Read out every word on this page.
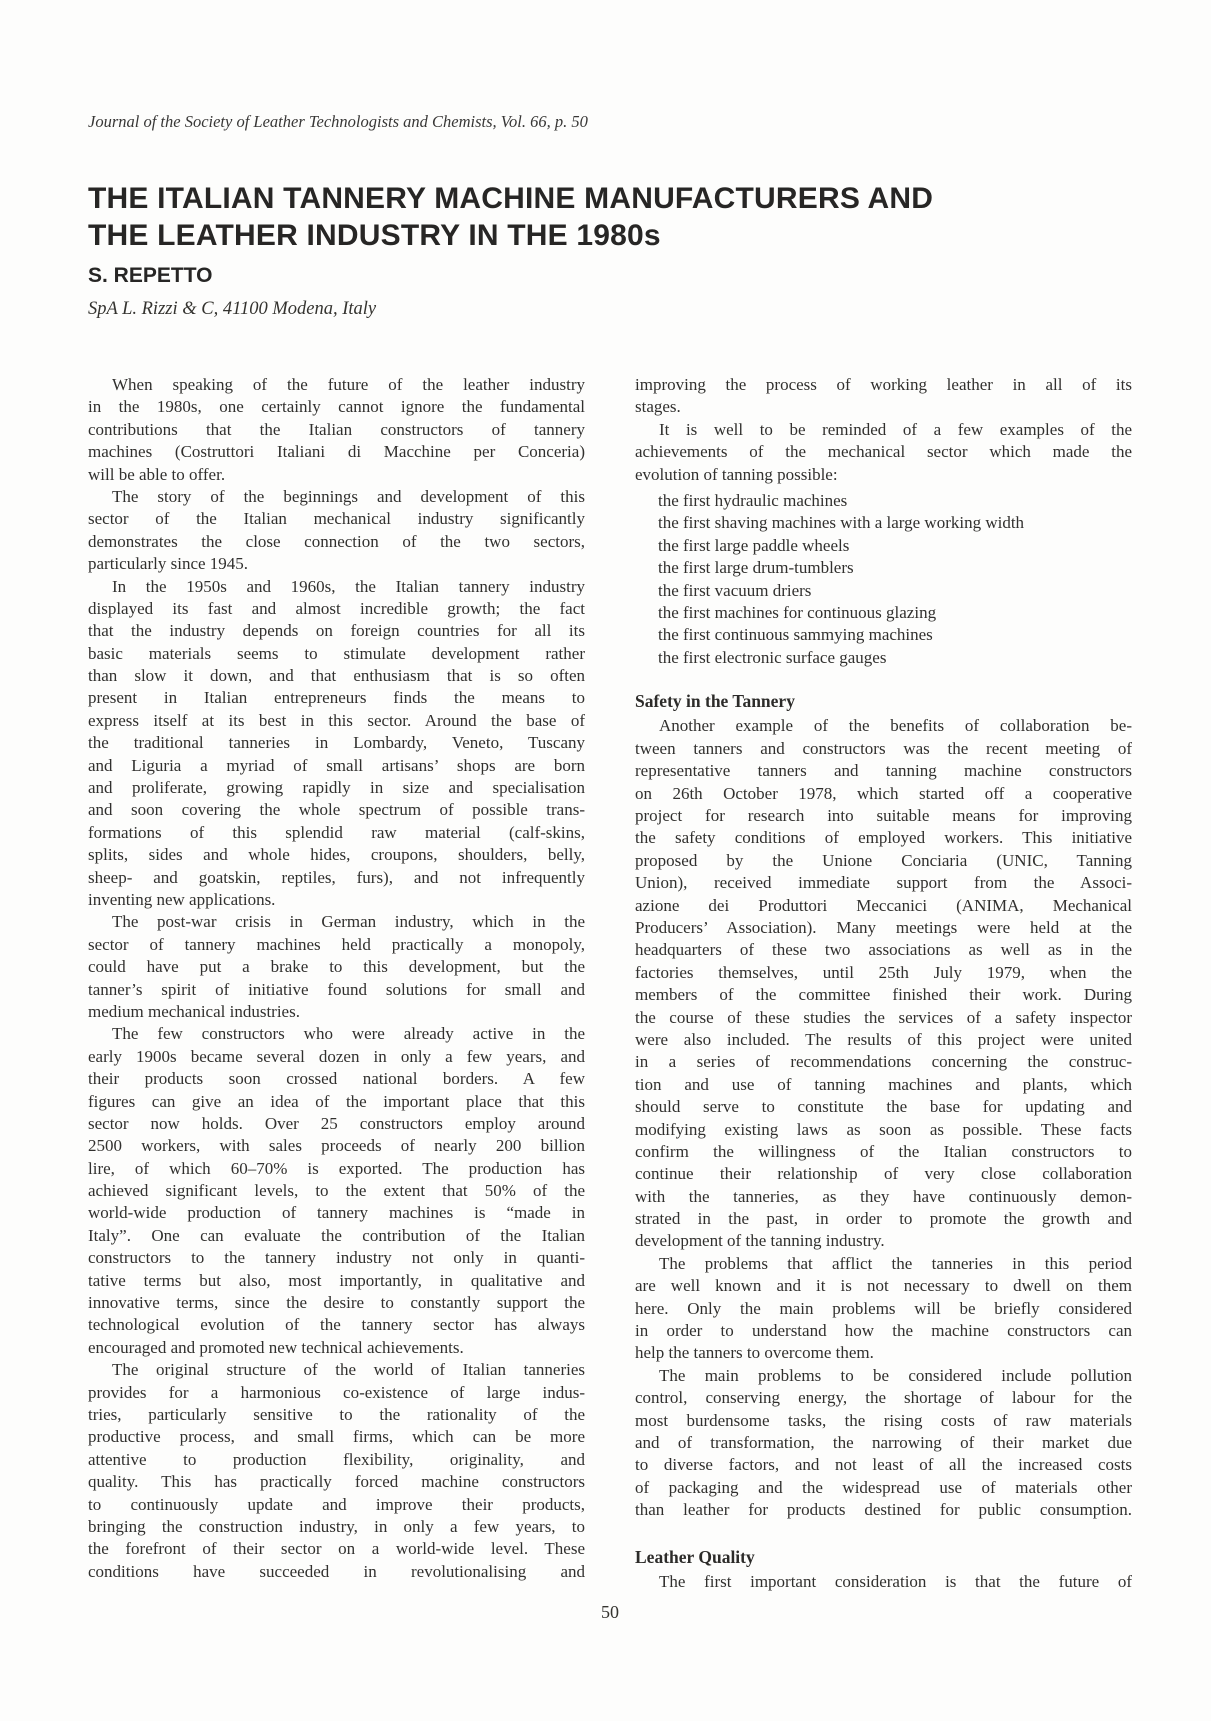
Journal of the Society of Leather Technologists and Chemists, Vol. 66, p. 50
THE ITALIAN TANNERY MACHINE MANUFACTURERS AND
THE LEATHER INDUSTRY IN THE 1980s
S. REPETTO
SpA L. Rizzi & C, 41100 Modena, Italy
When speaking of the future of the leather industry
in the 1980s, one certainly cannot ignore the fundamental
contributions that the Italian constructors of tannery
machines (Costruttori Italiani di Macchine per Conceria)
will be able to offer.
The story of the beginnings and development of this
sector of the Italian mechanical industry significantly
demonstrates the close connection of the two sectors,
particularly since 1945.
In the 1950s and 1960s, the Italian tannery industry
displayed its fast and almost incredible growth; the fact
that the industry depends on foreign countries for all its
basic materials seems to stimulate development rather
than slow it down, and that enthusiasm that is so often
present in Italian entrepreneurs finds the means to
express itself at its best in this sector. Around the base of
the traditional tanneries in Lombardy, Veneto, Tuscany
and Liguria a myriad of small artisans’ shops are born
and proliferate, growing rapidly in size and specialisation
and soon covering the whole spectrum of possible trans-
formations of this splendid raw material (calf-skins,
splits, sides and whole hides, croupons, shoulders, belly,
sheep- and goatskin, reptiles, furs), and not infrequently
inventing new applications.
The post-war crisis in German industry, which in the
sector of tannery machines held practically a monopoly,
could have put a brake to this development, but the
tanner’s spirit of initiative found solutions for small and
medium mechanical industries.
The few constructors who were already active in the
early 1900s became several dozen in only a few years, and
their products soon crossed national borders. A few
figures can give an idea of the important place that this
sector now holds. Over 25 constructors employ around
2500 workers, with sales proceeds of nearly 200 billion
lire, of which 60–70% is exported. The production has
achieved significant levels, to the extent that 50% of the
world-wide production of tannery machines is “made in
Italy”. One can evaluate the contribution of the Italian
constructors to the tannery industry not only in quanti-
tative terms but also, most importantly, in qualitative and
innovative terms, since the desire to constantly support the
technological evolution of the tannery sector has always
encouraged and promoted new technical achievements.
The original structure of the world of Italian tanneries
provides for a harmonious co-existence of large indus-
tries, particularly sensitive to the rationality of the
productive process, and small firms, which can be more
attentive to production flexibility, originality, and
quality. This has practically forced machine constructors
to continuously update and improve their products,
bringing the construction industry, in only a few years, to
the forefront of their sector on a world-wide level. These
conditions have succeeded in revolutionalising and
improving the process of working leather in all of its
stages.
It is well to be reminded of a few examples of the
achievements of the mechanical sector which made the
evolution of tanning possible:
the first hydraulic machines
the first shaving machines with a large working width
the first large paddle wheels
the first large drum-tumblers
the first vacuum driers
the first machines for continuous glazing
the first continuous sammying machines
the first electronic surface gauges
Safety in the Tannery
Another example of the benefits of collaboration be-
tween tanners and constructors was the recent meeting of
representative tanners and tanning machine constructors
on 26th October 1978, which started off a cooperative
project for research into suitable means for improving
the safety conditions of employed workers. This initiative
proposed by the Unione Conciaria (UNIC, Tanning
Union), received immediate support from the Associ-
azione dei Produttori Meccanici (ANIMA, Mechanical
Producers’ Association). Many meetings were held at the
headquarters of these two associations as well as in the
factories themselves, until 25th July 1979, when the
members of the committee finished their work. During
the course of these studies the services of a safety inspector
were also included. The results of this project were united
in a series of recommendations concerning the construc-
tion and use of tanning machines and plants, which
should serve to constitute the base for updating and
modifying existing laws as soon as possible. These facts
confirm the willingness of the Italian constructors to
continue their relationship of very close collaboration
with the tanneries, as they have continuously demon-
strated in the past, in order to promote the growth and
development of the tanning industry.
The problems that afflict the tanneries in this period
are well known and it is not necessary to dwell on them
here. Only the main problems will be briefly considered
in order to understand how the machine constructors can
help the tanners to overcome them.
The main problems to be considered include pollution
control, conserving energy, the shortage of labour for the
most burdensome tasks, the rising costs of raw materials
and of transformation, the narrowing of their market due
to diverse factors, and not least of all the increased costs
of packaging and the widespread use of materials other
than leather for products destined for public consumption.
Leather Quality
The first important consideration is that the future of
50
